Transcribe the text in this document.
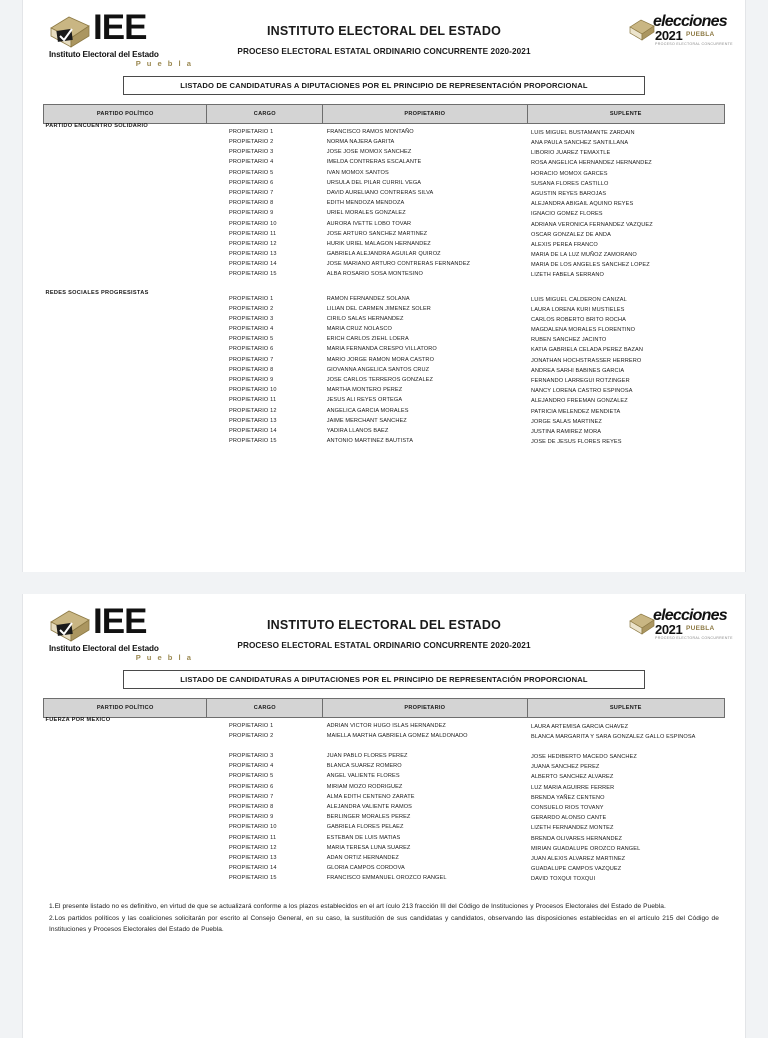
IEE
Instituto Electoral del Estado
P u e b l a
INSTITUTO ELECTORAL DEL ESTADO
PROCESO ELECTORAL ESTATAL ORDINARIO CONCURRENTE 2020-2021
elecciones
2021 PUEBLA
PROCESO ELECTORAL CONCURRENTE
LISTADO DE CANDIDATURAS A DIPUTACIONES POR EL PRINCIPIO DE REPRESENTACIÓN PROPORCIONAL
PARTIDO POLÍTICO	CARGO	PROPIETARIO	SUPLENTE
PARTIDO ENCUENTRO SOLIDARIO			
	PROPIETARIO 1	FRANCISCO RAMOS MONTAÑO	LUIS MIGUEL BUSTAMANTE ZARDAIN

	PROPIETARIO 2	NORMA NAJERA GARITA	ANA PAULA SANCHEZ SANTILLANA

	PROPIETARIO 3	JOSE JOSE MOMOX SANCHEZ	LIBORIO JUAREZ TEMAXTLE

	PROPIETARIO 4	IMELDA CONTRERAS ESCALANTE	ROSA ANGELICA HERNANDEZ HERNANDEZ

	PROPIETARIO 5	IVAN MOMOX SANTOS	HORACIO MOMOX GARCES

	PROPIETARIO 6	URSULA DEL PILAR CURRIL VEGA	SUSANA FLORES CASTILLO

	PROPIETARIO 7	DAVID AURELIANO CONTRERAS SILVA	AGUSTIN REYES BAROJAS

	PROPIETARIO 8	EDITH MENDOZA MENDOZA	ALEJANDRA ABIGAIL AQUINO REYES

	PROPIETARIO 9	URIEL MORALES GONZALEZ	IGNACIO GOMEZ FLORES

	PROPIETARIO 10	AURORA IVETTE LOBO TOVAR	ADRIANA VERONICA FERNANDEZ VAZQUEZ

	PROPIETARIO 11	JOSE ARTURO SANCHEZ MARTINEZ	OSCAR GONZALEZ DE ANDA

	PROPIETARIO 12	HURIK URIEL MALAGON HERNANDEZ	ALEXIS PEREA FRANCO

	PROPIETARIO 13	GABRIELA ALEJANDRA AGUILAR QUIROZ	MARIA DE LA LUZ MUÑOZ ZAMORANO

	PROPIETARIO 14	JOSE MARIANO ARTURO CONTRERAS FERNANDEZ	MARIA DE LOS ANGELES SANCHEZ LOPEZ

	PROPIETARIO 15	ALBA ROSARIO SOSA MONTESINO	LIZETH FABELA SERRANO

REDES SOCIALES PROGRESISTAS			
	PROPIETARIO 1	RAMON FERNANDEZ SOLANA	LUIS MIGUEL CALDERON CANIZAL

	PROPIETARIO 2	LILIAN DEL CARMEN JIMENEZ SOLER	LAURA LORENA KURI MUSTIELES

	PROPIETARIO 3	CIRILO SALAS HERNANDEZ	CARLOS ROBERTO BRITO ROCHA

	PROPIETARIO 4	MARIA CRUZ NOLASCO	MAGDALENA MORALES FLORENTINO

	PROPIETARIO 5	ERICH CARLOS ZIEHL LOERA	RUBEN SANCHEZ JACINTO

	PROPIETARIO 6	MARIA FERNANDA CRESPO VILLATORO	KATIA GABRIELA CELADA PEREZ BAZAN

	PROPIETARIO 7	MARIO JORGE RAMON MORA CASTRO	JONATHAN HOCHSTRASSER HERRERO

	PROPIETARIO 8	GIOVANNA ANGELICA SANTOS CRUZ	ANDREA SARHI BABINES GARCIA

	PROPIETARIO 9	JOSE CARLOS TERREROS GONZALEZ	FERNANDO LARREGUI ROTZINGER

	PROPIETARIO 10	MARTHA MONTERO PEREZ	NANCY LORENA CASTRO ESPINOSA

	PROPIETARIO 11	JESUS ALI REYES ORTEGA	ALEJANDRO FREEMAN GONZALEZ

	PROPIETARIO 12	ANGELICA GARCIA MORALES	PATRICIA MELENDEZ MENDIETA

	PROPIETARIO 13	JAIME MERCHANT SANCHEZ	JORGE SALAS MARTINEZ

	PROPIETARIO 14	YADIRA LLANOS BAEZ	JUSTINA RAMIREZ MORA

	PROPIETARIO 15	ANTONIO MARTINEZ BAUTISTA	JOSE DE JESUS FLORES REYES
IEE
Instituto Electoral del Estado
P u e b l a
INSTITUTO ELECTORAL DEL ESTADO
PROCESO ELECTORAL ESTATAL ORDINARIO CONCURRENTE 2020-2021
elecciones
2021 PUEBLA
PROCESO ELECTORAL CONCURRENTE
LISTADO DE CANDIDATURAS A DIPUTACIONES POR EL PRINCIPIO DE REPRESENTACIÓN PROPORCIONAL
PARTIDO POLÍTICO	CARGO	PROPIETARIO	SUPLENTE
FUERZA POR MEXICO			
	PROPIETARIO 1	ADRIAN VICTOR HUGO ISLAS HERNANDEZ	LAURA ARTEMISA GARCIA CHAVEZ

	PROPIETARIO 2	MAIELLA MARTHA GABRIELA GOMEZ MALDONADO	BLANCA MARGARITA Y SARA GONZALEZ GALLO ESPINOSA

	PROPIETARIO 3	JUAN PABLO FLORES PEREZ	JOSE HEDIBERTO MACEDO SANCHEZ

	PROPIETARIO 4	BLANCA SUAREZ ROMERO	JUANA SANCHEZ PEREZ

	PROPIETARIO 5	ANGEL VALIENTE FLORES	ALBERTO SANCHEZ ALVAREZ

	PROPIETARIO 6	MIRIAM MOZO RODRIGUEZ	LUZ MARIA AGUIRRE FERRER

	PROPIETARIO 7	ALMA EDITH CENTENO ZARATE	BRENDA YAÑEZ CENTENO

	PROPIETARIO 8	ALEJANDRA VALIENTE RAMOS	CONSUELO RIOS TOVANY

	PROPIETARIO 9	BERLINGER MORALES PEREZ	GERARDO ALONSO CANTE

	PROPIETARIO 10	GABRIELA FLORES PELAEZ	LIZETH FERNANDEZ MONTEZ

	PROPIETARIO 11	ESTEBAN DE LUIS MATIAS	BRENDA OLIVARES HERNANDEZ

	PROPIETARIO 12	MARIA TERESA LUNA SUAREZ	MIRIAN GUADALUPE OROZCO RANGEL

	PROPIETARIO 13	ADAN ORTIZ HERNANDEZ	JUAN ALEXIS ALVAREZ MARTINEZ

	PROPIETARIO 14	GLORIA CAMPOS CORDOVA	GUADALUPE CAMPOS VAZQUEZ

	PROPIETARIO 15	FRANCISCO EMMANUEL OROZCO RANGEL	DAVID TOXQUI TOXQUI
1.El presente listado no es definitivo, en virtud de que se actualizará conforme a los plazos establecidos en el art ículo 213 fracción III del Código de Instituciones y Procesos Electorales del Estado de Puebla.
2.Los partidos políticos y las coaliciones solicitarán por escrito al Consejo General, en su caso, la sustitución de sus candidatas y candidatos, observando las disposiciones establecidas en el artículo 215 del Código de Instituciones y Procesos Electorales del Estado de Puebla.
